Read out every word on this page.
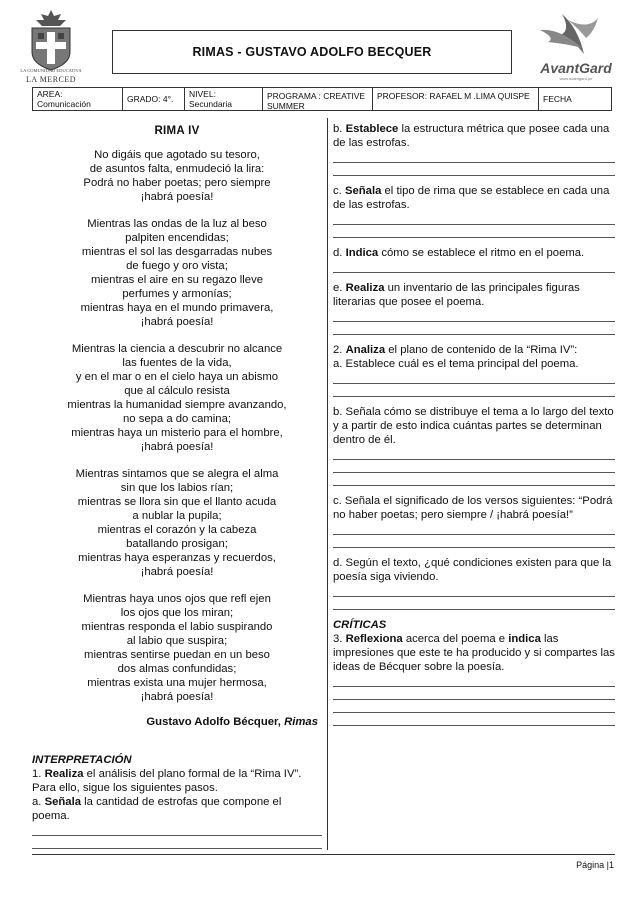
LA COMUNIDAD EDUCATIVA
LA MERCED
RIMAS - GUSTAVO ADOLFO BECQUER
AvantGard
www.avantgard.pe
AREA: Comunicación	GRADO: 4°. NIVEL: Secundaria
PROGRAMA : CREATIVE SUMMER
PROFESOR: RAFAEL M .LIMA QUISPE FECHA
RIMA IV
No digáis que agotado su tesoro,
de asuntos falta, enmudeció la lira:
Podrá no haber poetas; pero siempre
¡habrá poesía!
Mientras las ondas de la luz al beso
palpiten encendidas;
mientras el sol las desgarradas nubes
de fuego y oro vista;
mientras el aire en su regazo lleve
perfumes y armonías;
mientras haya en el mundo primavera,
¡habrá poesía!
Mientras la ciencia a descubrir no alcance
las fuentes de la vida,
y en el mar o en el cielo haya un abismo
que al cálculo resista
mientras la humanidad siempre avanzando,
no sepa a do camina;
mientras haya un misterio para el hombre,
¡habrá poesía!
Mientras sintamos que se alegra el alma
sin que los labios rían;
mientras se llora sin que el llanto acuda
a nublar la pupila;
mientras el corazón y la cabeza
batallando prosigan;
mientras haya esperanzas y recuerdos,
¡habrá poesía!
Mientras haya unos ojos que refl ejen
los ojos que los miran;
mientras responda el labio suspirando
al labio que suspira;
mientras sentirse puedan en un beso
dos almas confundidas;
mientras exista una mujer hermosa,
¡habrá poesía!
Gustavo Adolfo Bécquer, Rimas
INTERPRETACIÓN
1. Realiza el análisis del plano formal de la “Rima IV”. Para ello, sigue los siguientes pasos.
a. Señala la cantidad de estrofas que compone el poema.
b. Establece la estructura métrica que posee cada una de las estrofas.
c. Señala el tipo de rima que se establece en cada una de las estrofas.
d. Indica cómo se establece el ritmo en el poema.
e. Realiza un inventario de las principales figuras literarias que posee el poema.
2. Analiza el plano de contenido de la “Rima IV”:
a. Establece cuál es el tema principal del poema.
b. Señala cómo se distribuye el tema a lo largo del texto y a partir de esto indica cuántas partes se determinan dentro de él.
c. Señala el significado de los versos siguientes: “Podrá no haber poetas; pero siempre / ¡habrá poesía!”
d. Según el texto, ¿qué condiciones existen para que la poesía siga viviendo.
CRÍTICAS
3. Reflexiona acerca del poema e indica las impresiones que este te ha producido y si compartes las ideas de Bécquer sobre la poesía.
Página |1
